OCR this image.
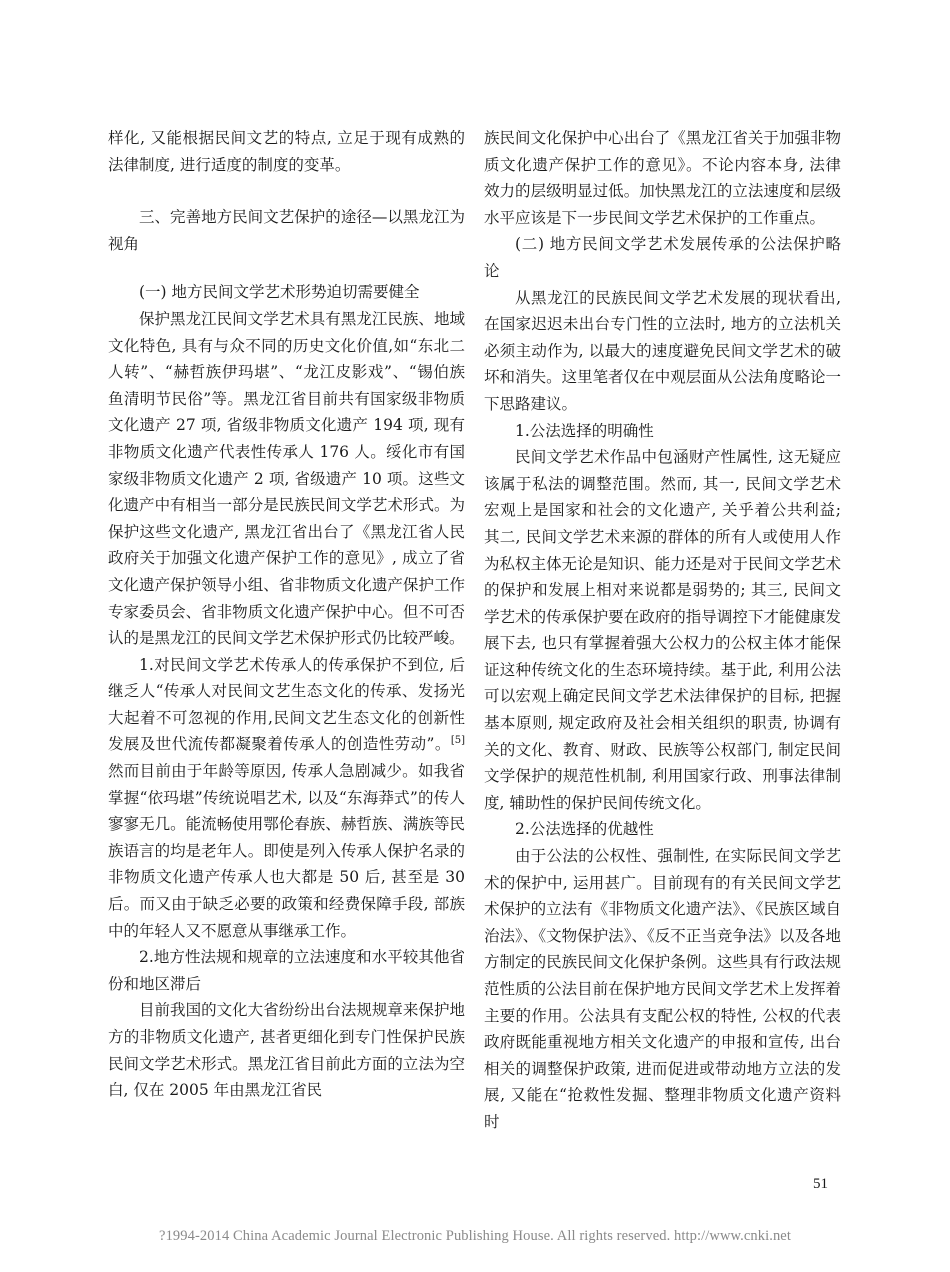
样化, 又能根据民间文艺的特点, 立足于现有成熟的法律制度, 进行适度的制度的变革。

三、完善地方民间文艺保护的途径—以黑龙江为视角

(一) 地方民间文学艺术形势迫切需要健全

保护黑龙江民间文学艺术具有黑龙江民族、地域文化特色, 具有与众不同的历史文化价值,如“东北二人转”、“赫哲族伊玛堪”、“龙江皮影戏”、“锡伯族鱼清明节民俗”等。黑龙江省目前共有国家级非物质文化遗产 27 项, 省级非物质文化遗产 194 项, 现有非物质文化遗产代表性传承人 176 人。绥化市有国家级非物质文化遗产 2 项, 省级遗产 10 项。这些文化遗产中有相当一部分是民族民间文学艺术形式。为保护这些文化遗产, 黑龙江省出台了《黑龙江省人民政府关于加强文化遗产保护工作的意见》, 成立了省文化遗产保护领导小组、省非物质文化遗产保护工作专家委员会、省非物质文化遗产保护中心。但不可否认的是黑龙江的民间文学艺术保护形式仍比较严峻。

1.对民间文学艺术传承人的传承保护不到位, 后继乏人“传承人对民间文艺生态文化的传承、发扬光大起着不可忽视的作用,民间文艺生态文化的创新性发展及世代流传都凝聚着传承人的创造性劳动”。[5]然而目前由于年龄等原因, 传承人急剧减少。如我省掌握“依玛堪”传统说唱艺术, 以及“东海莽式”的传人寥寥无几。能流畅使用鄂伦春族、赫哲族、满族等民族语言的均是老年人。即使是列入传承人保护名录的非物质文化遗产传承人也大都是 50 后, 甚至是 30 后。而又由于缺乏必要的政策和经费保障手段, 部族中的年轻人又不愿意从事继承工作。

2.地方性法规和规章的立法速度和水平较其他省份和地区滞后

目前我国的文化大省纷纷出台法规规章来保护地方的非物质文化遗产, 甚者更细化到专门性保护民族民间文学艺术形式。黑龙江省目前此方面的立法为空白, 仅在 2005 年由黑龙江省民

族民间文化保护中心出台了《黑龙江省关于加强非物质文化遗产保护工作的意见》。不论内容本身, 法律效力的层级明显过低。加快黑龙江的立法速度和层级水平应该是下一步民间文学艺术保护的工作重点。

(二) 地方民间文学艺术发展传承的公法保护略论

从黑龙江的民族民间文学艺术发展的现状看出, 在国家迟迟未出台专门性的立法时, 地方的立法机关必须主动作为, 以最大的速度避免民间文学艺术的破坏和消失。这里笔者仅在中观层面从公法角度略论一下思路建议。

1.公法选择的明确性

民间文学艺术作品中包涵财产性属性, 这无疑应该属于私法的调整范围。然而, 其一, 民间文学艺术宏观上是国家和社会的文化遗产, 关乎着公共利益; 其二, 民间文学艺术来源的群体的所有人或使用人作为私权主体无论是知识、能力还是对于民间文学艺术的保护和发展上相对来说都是弱势的; 其三, 民间文学艺术的传承保护要在政府的指导调控下才能健康发展下去, 也只有掌握着强大公权力的公权主体才能保证这种传统文化的生态环境持续。基于此, 利用公法可以宏观上确定民间文学艺术法律保护的目标, 把握基本原则, 规定政府及社会相关组织的职责, 协调有关的文化、教育、财政、民族等公权部门, 制定民间文学保护的规范性机制, 利用国家行政、刑事法律制度, 辅助性的保护民间传统文化。

2.公法选择的优越性

由于公法的公权性、强制性, 在实际民间文学艺术的保护中, 运用甚广。目前现有的有关民间文学艺术保护的立法有《非物质文化遗产法》、《民族区域自治法》、《文物保护法》、《反不正当竞争法》以及各地方制定的民族民间文化保护条例。这些具有行政法规范性质的公法目前在保护地方民间文学艺术上发挥着主要的作用。公法具有支配公权的特性, 公权的代表政府既能重视地方相关文化遗产的申报和宣传, 出台相关的调整保护政策, 进而促进或带动地方立法的发展, 又能在“抢救性发掘、整理非物质文化遗产资料时

51
?1994-2014 China Academic Journal Electronic Publishing House. All rights reserved. http://www.cnki.net
